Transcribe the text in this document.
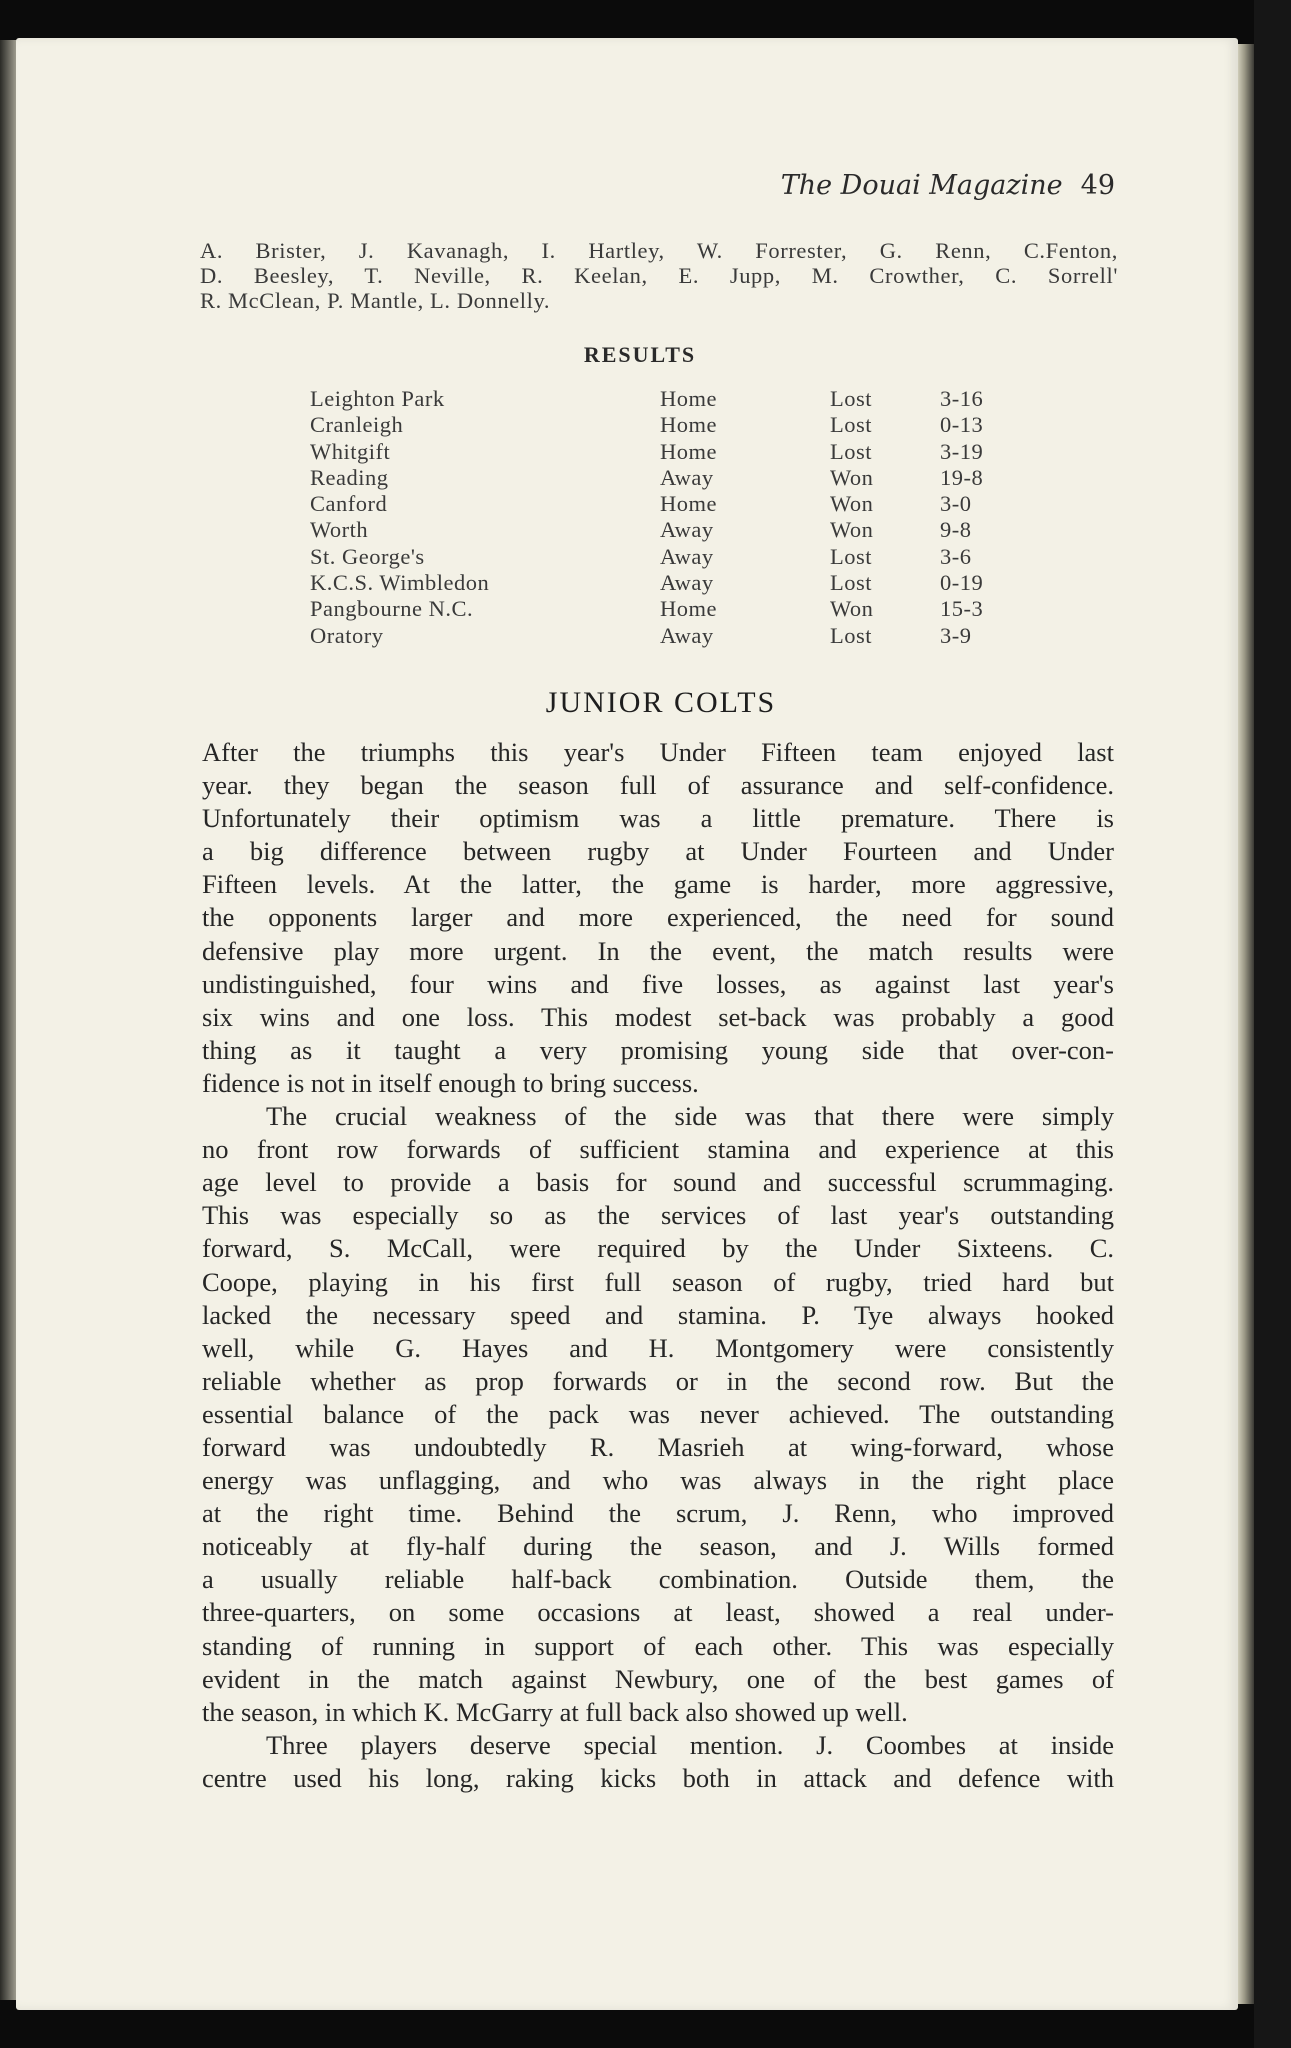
The Douai Magazine 49
A. Brister, J. Kavanagh, I. Hartley, W. Forrester, G. Renn, C.Fenton,
D. Beesley, T. Neville, R. Keelan, E. Jupp, M. Crowther, C. Sorrell'
R. McClean, P. Mantle, L. Donnelly.
RESULTS
Leighton Park	Home	Lost	3-16
Cranleigh	Home	Lost	0-13
Whitgift	Home	Lost	3-19
Reading	Away	Won	19-8
Canford	Home	Won	3-0
Worth	Away	Won	9-8
St. George's	Away	Lost	3-6
K.C.S. Wimbledon	Away	Lost	0-19
Pangbourne N.C.	Home	Won	15-3
Oratory	Away	Lost	3-9
JUNIOR COLTS
After the triumphs this year's Under Fifteen team enjoyed last
year. they began the season full of assurance and self-confidence.
Unfortunately their optimism was a little premature. There is
a big difference between rugby at Under Fourteen and Under
Fifteen levels. At the latter, the game is harder, more aggressive,
the opponents larger and more experienced, the need for sound
defensive play more urgent. In the event, the match results were
undistinguished, four wins and five losses, as against last year's
six wins and one loss. This modest set-back was probably a good
thing as it taught a very promising young side that over-con-
fidence is not in itself enough to bring success.
The crucial weakness of the side was that there were simply
no front row forwards of sufficient stamina and experience at this
age level to provide a basis for sound and successful scrummaging.
This was especially so as the services of last year's outstanding
forward, S. McCall, were required by the Under Sixteens. C.
Coope, playing in his first full season of rugby, tried hard but
lacked the necessary speed and stamina. P. Tye always hooked
well, while G. Hayes and H. Montgomery were consistently
reliable whether as prop forwards or in the second row. But the
essential balance of the pack was never achieved. The outstanding
forward was undoubtedly R. Masrieh at wing-forward, whose
energy was unflagging, and who was always in the right place
at the right time. Behind the scrum, J. Renn, who improved
noticeably at fly-half during the season, and J. Wills formed
a usually reliable half-back combination. Outside them, the
three-quarters, on some occasions at least, showed a real under-
standing of running in support of each other. This was especially
evident in the match against Newbury, one of the best games of
the season, in which K. McGarry at full back also showed up well.
Three players deserve special mention. J. Coombes at inside
centre used his long, raking kicks both in attack and defence with
